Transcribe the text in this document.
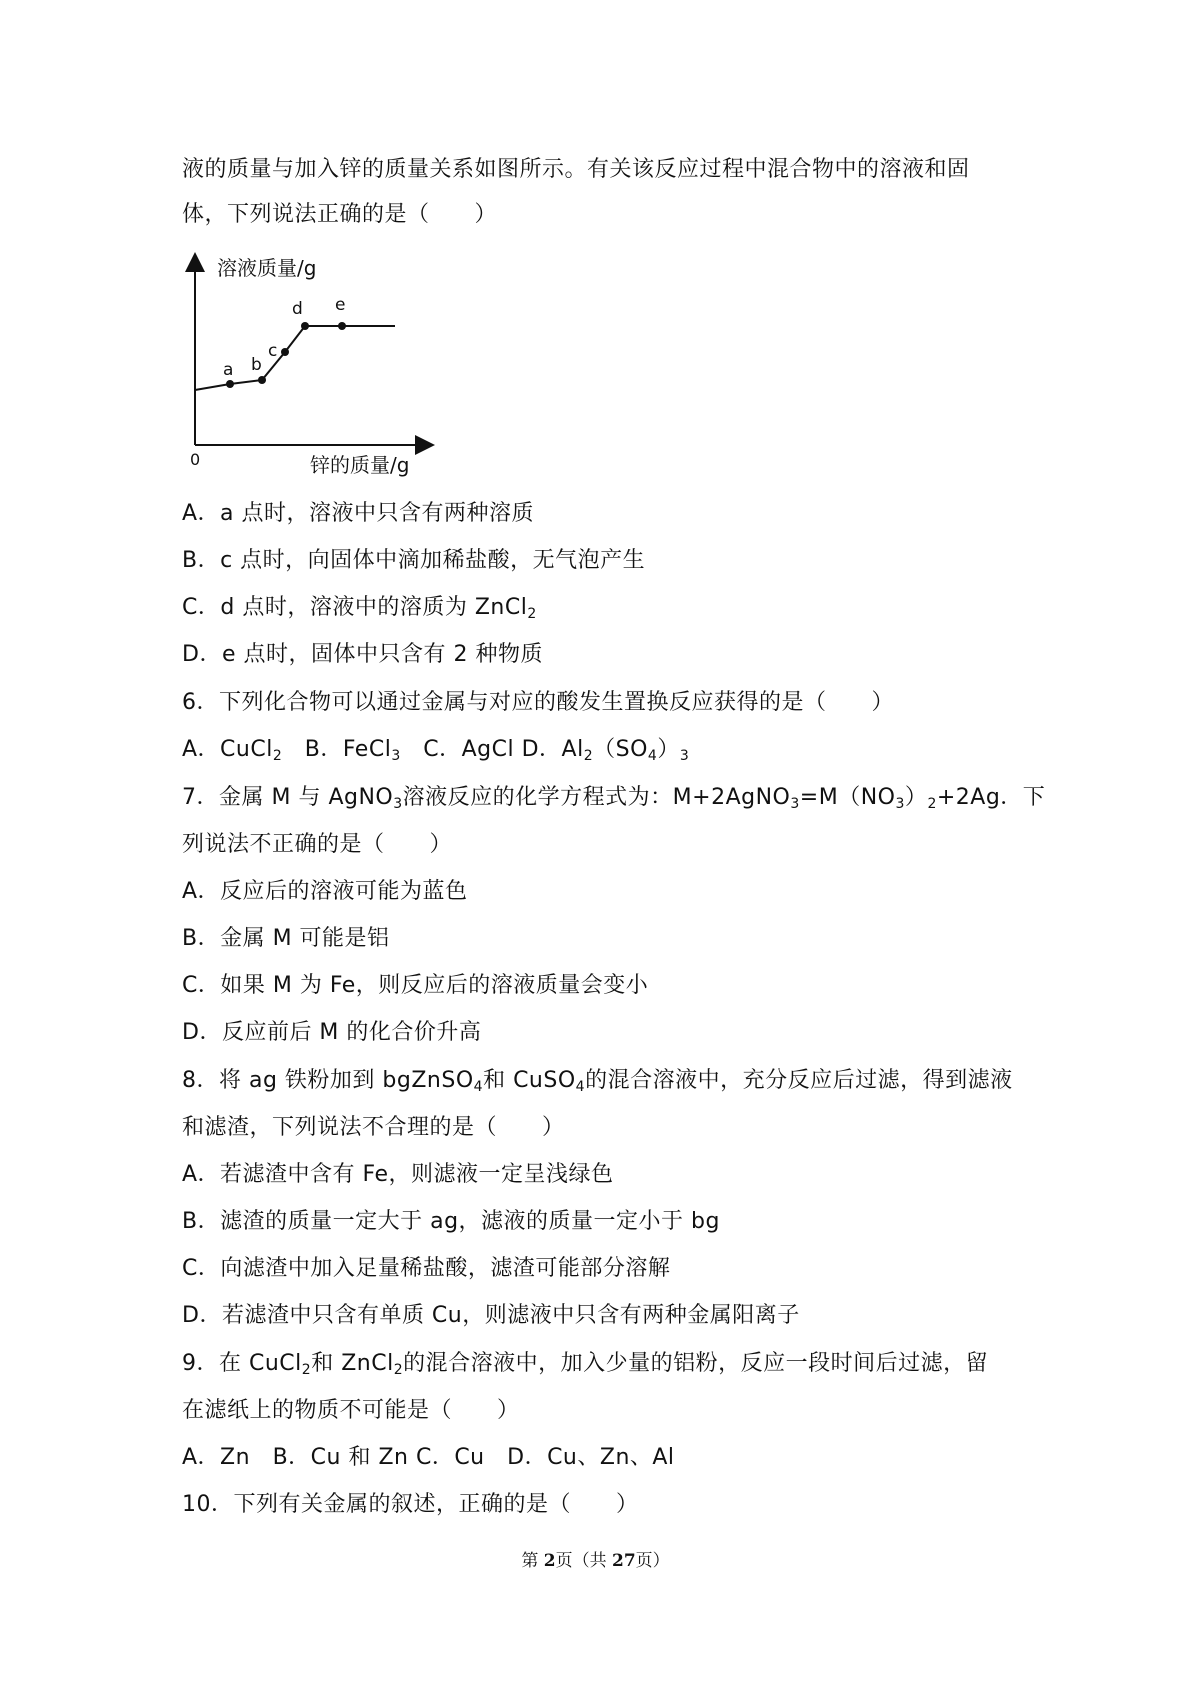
液的质量与加入锌的质量关系如图所示。有关该反应过程中混合物中的溶液和固
体，下列说法正确的是（　　）
溶液质量/g
锌的质量/g
0
a b
c
d e
A．a 点时，溶液中只含有两种溶质
B．c 点时，向固体中滴加稀盐酸，无气泡产生
C．d 点时，溶液中的溶质为 ZnCl$_2$
D．e 点时，固体中只含有 2 种物质
6．下列化合物可以通过金属与对应的酸发生置换反应获得的是（　　）
A．CuCl$_2$　B．FeCl$_3$　C．AgCl D．$Al_2(SO_4)_3$
7．金属 M 与 AgNO$_3$溶液反应的化学方程式为：$M+2AgNO_3=M(NO_3)_2+2Ag$．下
列说法不正确的是（　　）
A．反应后的溶液可能为蓝色
B．金属 M 可能是铝
C．如果 M 为 Fe，则反应后的溶液质量会变小
D．反应前后 M 的化合价升高
8．将 ag 铁粉加到 bgZnSO$_4$和 CuSO$_4$的混合溶液中，充分反应后过滤，得到滤液
和滤渣，下列说法不合理的是（　　）
A．若滤渣中含有 Fe，则滤液一定呈浅绿色
B．滤渣的质量一定大于 ag，滤液的质量一定小于 bg
C．向滤渣中加入足量稀盐酸，滤渣可能部分溶解
D．若滤渣中只含有单质 Cu，则滤液中只含有两种金属阳离子
9．在 CuCl$_2$和 ZnCl$_2$的混合溶液中，加入少量的铝粉，反应一段时间后过滤，留
在滤纸上的物质不可能是（　　）
A．Zn　B．Cu 和 Zn C．Cu　D．Cu、Zn、Al
10．下列有关金属的叙述，正确的是（　　）
第 2页（共 27页）
